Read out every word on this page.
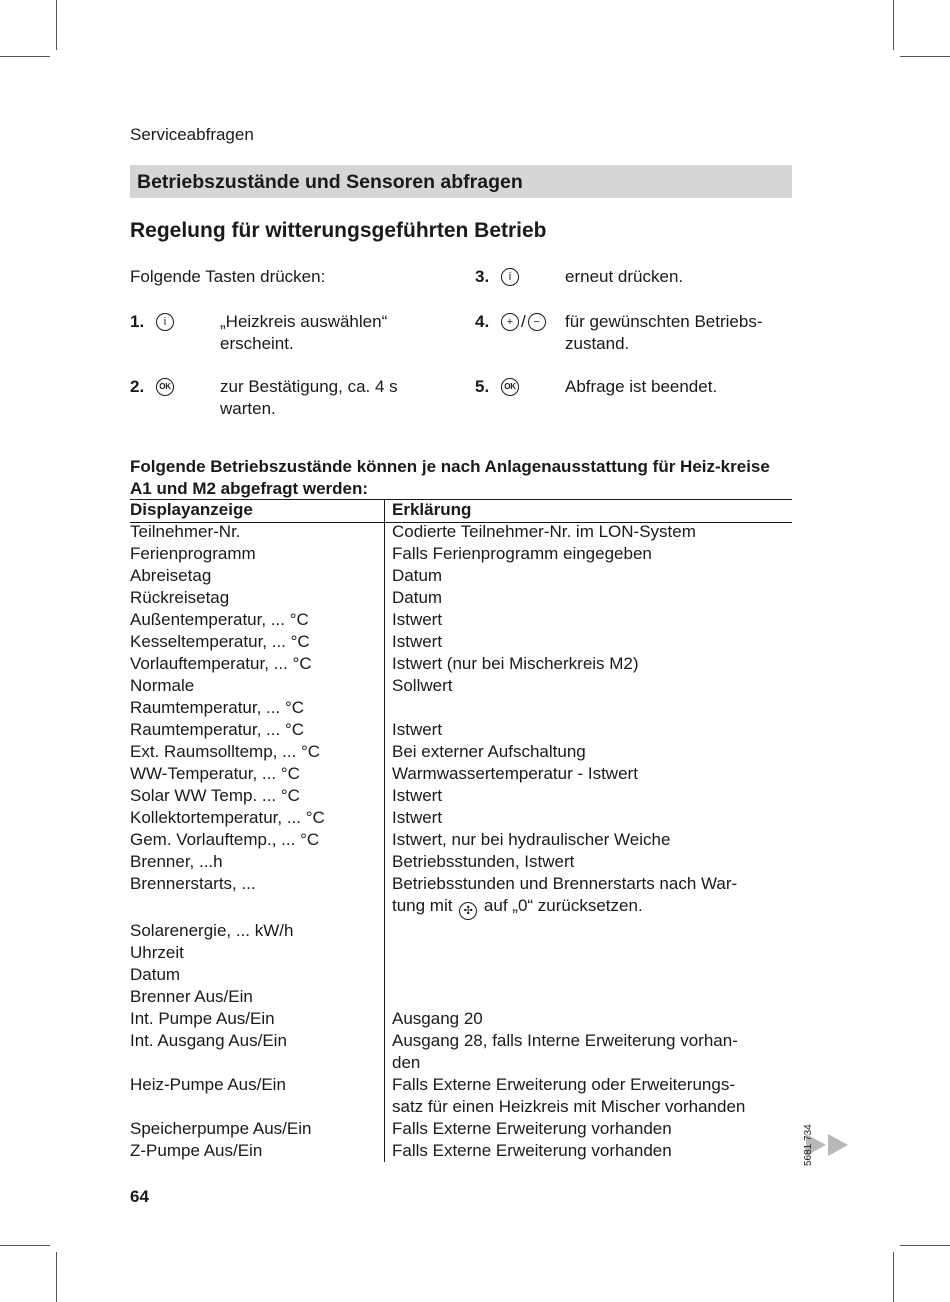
Serviceabfragen
Betriebszustände und Sensoren abfragen
Regelung für witterungsgeführten Betrieb
Folgende Tasten drücken:
1.	i	„Heizkreis auswählen“ erscheint.
2.	OK	zur Bestätigung, ca. 4 s warten.
3.	i	erneut drücken.
4.	+ / −	für gewünschten Betriebs-zustand.
5.	OK	Abfrage ist beendet.
Folgende Betriebszustände können je nach Anlagenausstattung für Heiz-kreise A1 und M2 abgefragt werden:
Displayanzeige	Erklärung
Teilnehmer-Nr.	Codierte Teilnehmer-Nr. im LON-System
Ferienprogramm	Falls Ferienprogramm eingegeben
Abreisetag	Datum
Rückreisetag	Datum
Außentemperatur, ... °C	Istwert
Kesseltemperatur, ... °C	Istwert
Vorlauftemperatur, ... °C	Istwert (nur bei Mischerkreis M2)
Normale	Sollwert
Raumtemperatur, ... °C
Raumtemperatur, ... °C	Istwert
Ext. Raumsolltemp, ... °C	Bei externer Aufschaltung
WW-Temperatur, ... °C	Warmwassertemperatur - Istwert
Solar WW Temp. ... °C	Istwert
Kollektortemperatur, ... °C	Istwert
Gem. Vorlauftemp., ... °C	Istwert, nur bei hydraulischer Weiche
Brenner, ...h	Betriebsstunden, Istwert
Brennerstarts, ...	Betriebsstunden und Brennerstarts nach War-
tung mit ✣ auf „0“ zurücksetzen.
Solarenergie, ... kW/h
Uhrzeit
Datum
Brenner Aus/Ein
Int. Pumpe Aus/Ein	Ausgang 20
Int. Ausgang Aus/Ein	Ausgang 28, falls Interne Erweiterung vorhan-
den
Heiz-Pumpe Aus/Ein	Falls Externe Erweiterung oder Erweiterungs-
satz für einen Heizkreis mit Mischer vorhanden
Speicherpumpe Aus/Ein	Falls Externe Erweiterung vorhanden
Z-Pumpe Aus/Ein	Falls Externe Erweiterung vorhanden	5681 734
64
